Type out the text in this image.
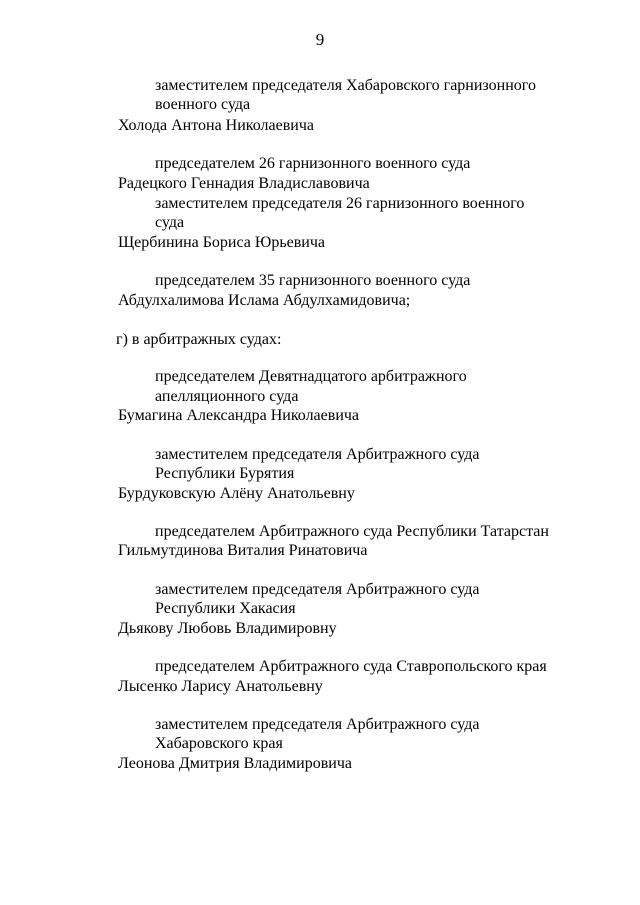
9
заместителем председателя Хабаровского гарнизонного
военного суда
Холода Антона Николаевича
председателем 26 гарнизонного военного суда
Радецкого Геннадия Владиславовича
заместителем председателя 26 гарнизонного военного
суда
Щербинина Бориса Юрьевича
председателем 35 гарнизонного военного суда
Абдулхалимова Ислама Абдулхамидовича;
г) в арбитражных судах:
председателем Девятнадцатого арбитражного
апелляционного суда
Бумагина Александра Николаевича
заместителем председателя Арбитражного суда
Республики Бурятия
Бурдуковскую Алёну Анатольевну
председателем Арбитражного суда Республики Татарстан
Гильмутдинова Виталия Ринатовича
заместителем председателя Арбитражного суда
Республики Хакасия
Дьякову Любовь Владимировну
председателем Арбитражного суда Ставропольского края
Лысенко Ларису Анатольевну
заместителем председателя Арбитражного суда
Хабаровского края
Леонова Дмитрия Владимировича
